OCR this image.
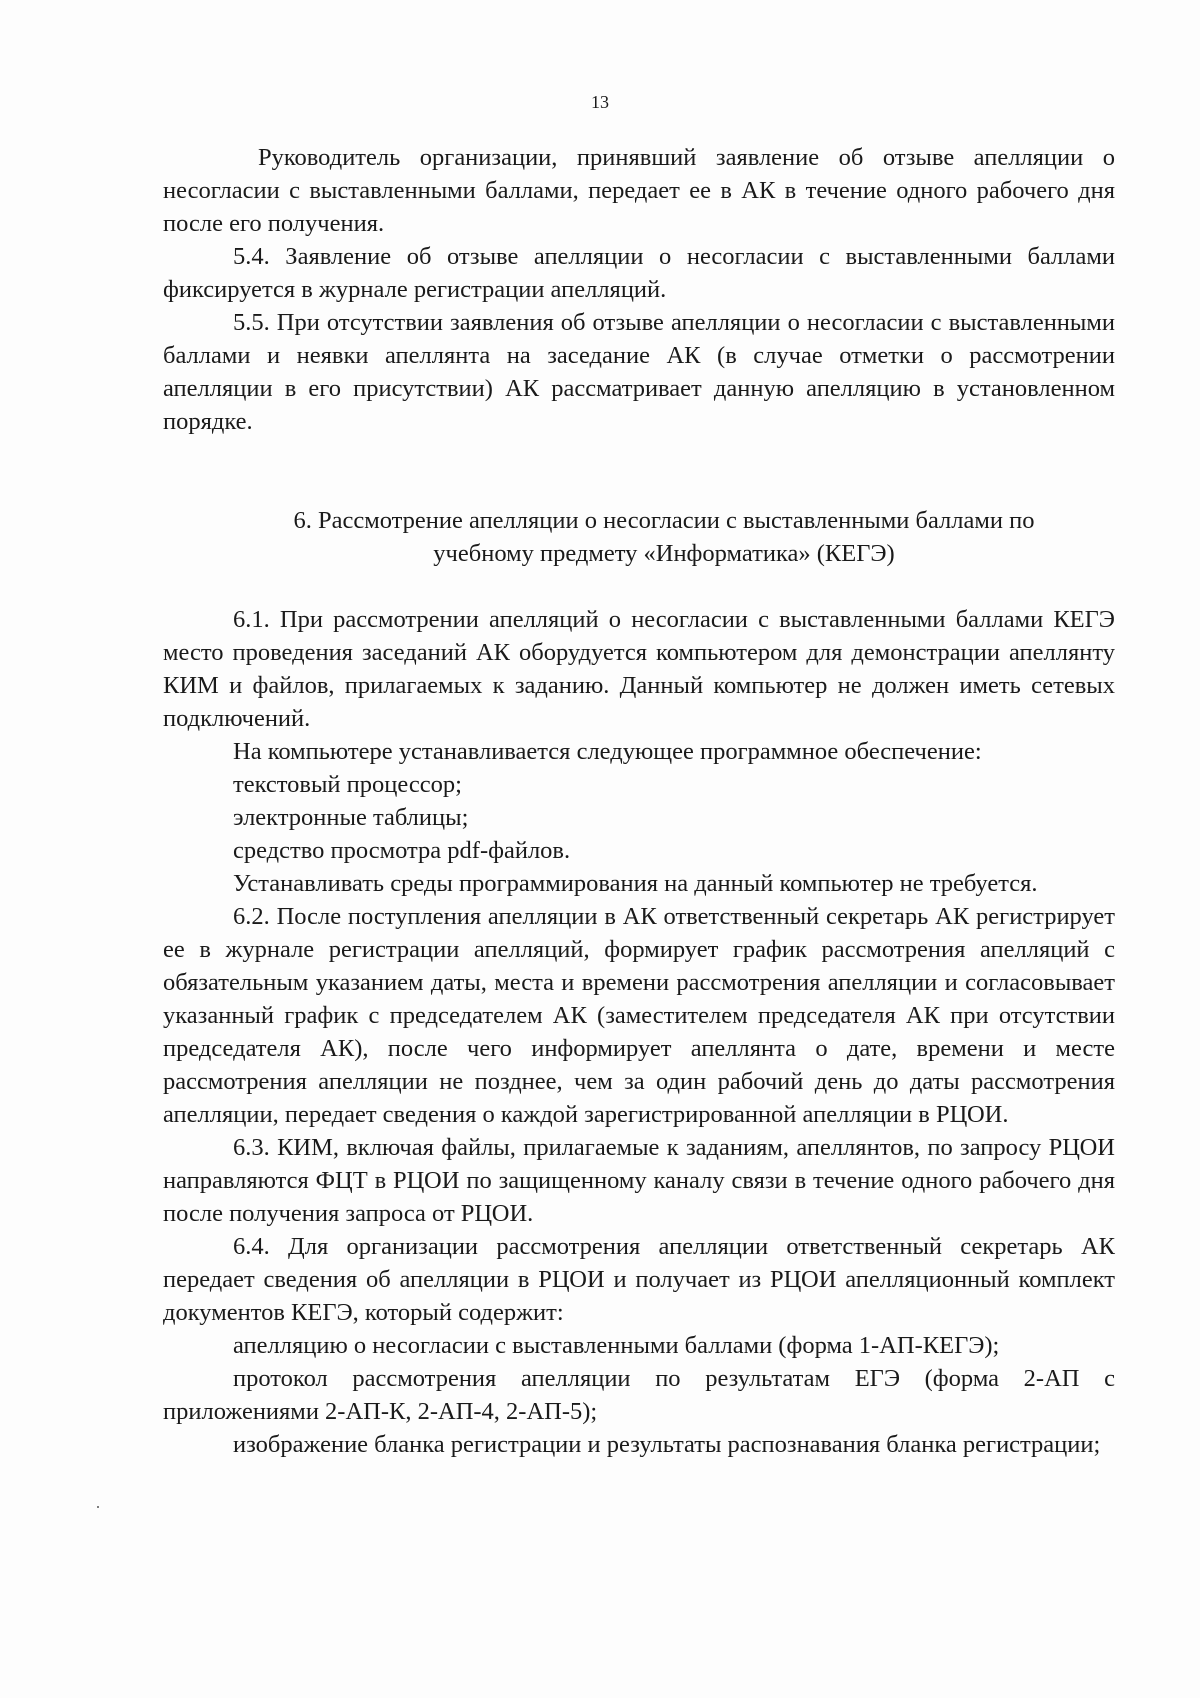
13

Руководитель организации, принявший заявление об отзыве апелляции о несогласии с выставленными баллами, передает ее в АК в течение одного рабочего дня после его получения.

5.4. Заявление об отзыве апелляции о несогласии с выставленными баллами фиксируется в журнале регистрации апелляций.

5.5. При отсутствии заявления об отзыве апелляции о несогласии с выставленными баллами и неявки апеллянта на заседание АК (в случае отметки о рассмотрении апелляции в его присутствии) АК рассматривает данную апелляцию в установленном порядке.

6. Рассмотрение апелляции о несогласии с выставленными баллами по
учебному предмету «Информатика» (КЕГЭ)

6.1. При рассмотрении апелляций о несогласии с выставленными баллами КЕГЭ место проведения заседаний АК оборудуется компьютером для демонстрации апеллянту КИМ и файлов, прилагаемых к заданию. Данный компьютер не должен иметь сетевых подключений.

На компьютере устанавливается следующее программное обеспечение:

текстовый процессор;

электронные таблицы;

средство просмотра pdf-файлов.

Устанавливать среды программирования на данный компьютер не требуется.

6.2. После поступления апелляции в АК ответственный секретарь АК регистрирует ее в журнале регистрации апелляций, формирует график рассмотрения апелляций с обязательным указанием даты, места и времени рассмотрения апелляции и согласовывает указанный график с председателем АК (заместителем председателя АК при отсутствии председателя АК), после чего информирует апеллянта о дате, времени и месте рассмотрения апелляции не позднее, чем за один рабочий день до даты рассмотрения апелляции, передает сведения о каждой зарегистрированной апелляции в РЦОИ.

6.3. КИМ, включая файлы, прилагаемые к заданиям, апеллянтов, по запросу РЦОИ направляются ФЦТ в РЦОИ по защищенному каналу связи в течение одного рабочего дня после получения запроса от РЦОИ.

6.4. Для организации рассмотрения апелляции ответственный секретарь АК передает сведения об апелляции в РЦОИ и получает из РЦОИ апелляционный комплект документов КЕГЭ, который содержит:

апелляцию о несогласии с выставленными баллами (форма 1-АП-КЕГЭ);

протокол рассмотрения апелляции по результатам ЕГЭ (форма 2-АП с приложениями 2-АП-К, 2-АП-4, 2-АП-5);

изображение бланка регистрации и результаты распознавания бланка регистрации;
